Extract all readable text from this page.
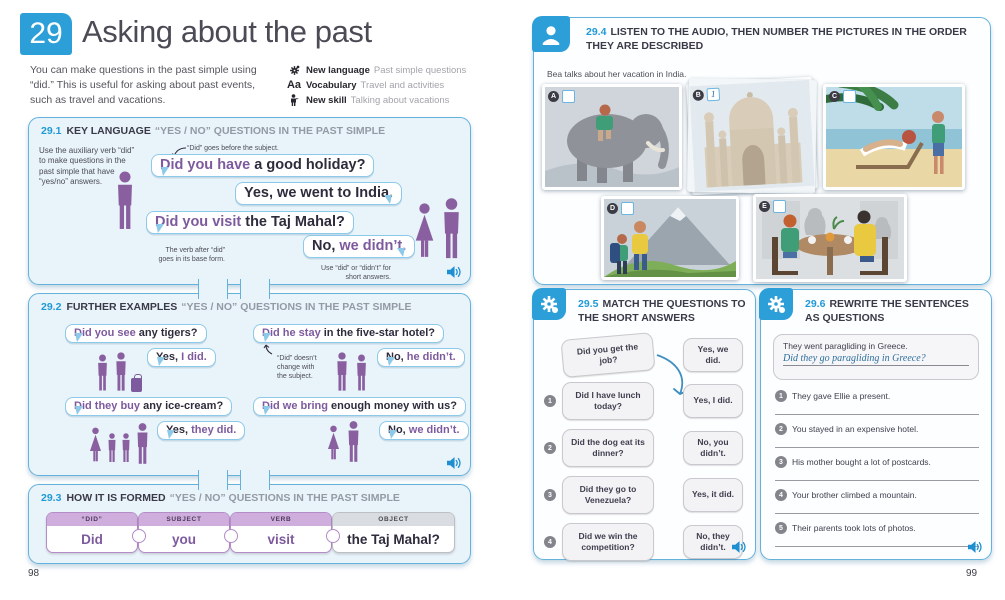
29 Asking about the past
You can make questions in the past simple using “did.” This is useful for asking about past events, such as travel and vacations.
New language Past simple questions
Aa Vocabulary Travel and activities
New skill Talking about vacations
29.1 KEY LANGUAGE “YES / NO” QUESTIONS IN THE PAST SIMPLE
Use the auxiliary verb “did” to make questions in the past simple that have “yes/no” answers.
“Did” goes before the subject.
Did you have a good holiday?
Yes, we went to India.
Did you visit the Taj Mahal?
No, we didn’t.
The verb after “did” goes in its base form.
Use “did” or “didn’t” for short answers.
29.2 FURTHER EXAMPLES “YES / NO” QUESTIONS IN THE PAST SIMPLE
Did you see any tigers?
Yes, I did.
Did he stay in the five-star hotel?
“Did” doesn’t change with the subject.
No, he didn’t.
Did they buy any ice-cream?
Yes, they did.
Did we bring enough money with us?
No, we didn’t.
29.3 HOW IT IS FORMED “YES / NO” QUESTIONS IN THE PAST SIMPLE
“DID”
Did
SUBJECT
you
VERB
visit
OBJECT
the Taj Mahal?
98
29.4 LISTEN TO THE AUDIO, THEN NUMBER THE PICTURES IN THE ORDER THEY ARE DESCRIBED
Bea talks about her vacation in India.
A	B	1	C
D	E
29.5 MATCH THE QUESTIONS TO THE SHORT ANSWERS
Did you get the job?
1
Did I have lunch today?
2
Did the dog eat its dinner?
3
Did they go to Venezuela?
4
Did we win the competition?
Yes, we did.
Yes, I did.
No, you didn’t.
Yes, it did.
No, they didn’t.
29.6 REWRITE THE SENTENCES AS QUESTIONS
They went paragliding in Greece.
Did they go paragliding in Greece?
1	They gave Ellie a present.
2	You stayed in an expensive hotel.
3	His mother bought a lot of postcards.
4	Your brother climbed a mountain.
5	Their parents took lots of photos.
99
